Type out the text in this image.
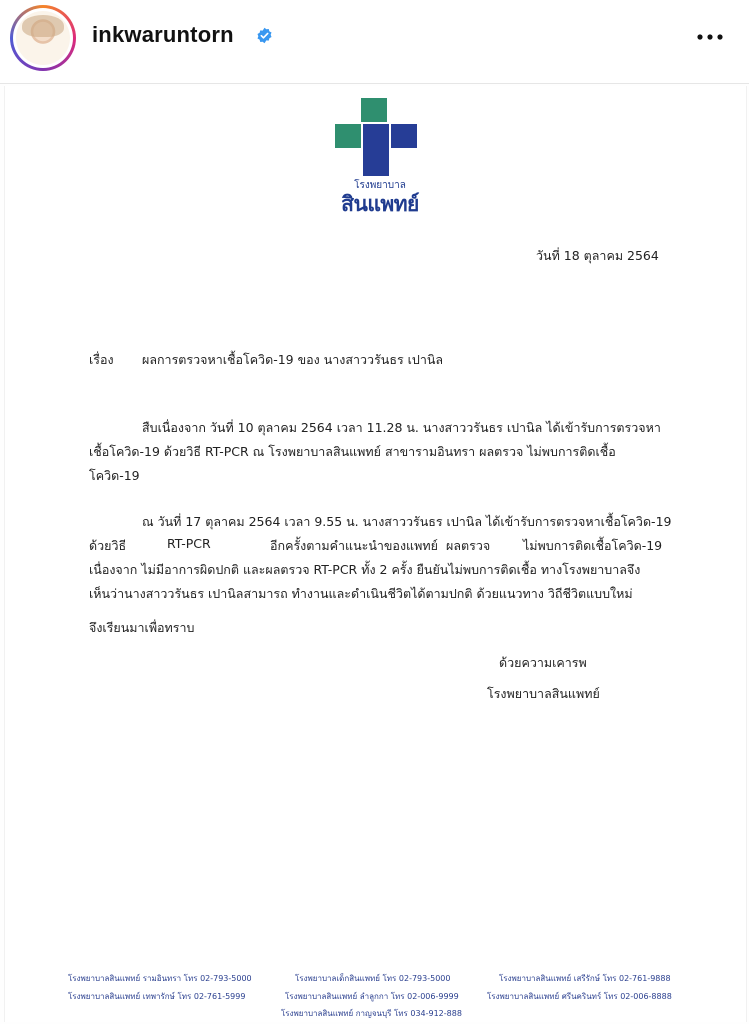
inkwaruntorn
โรงพยาบาล
สินแพทย์
วันที่ 18 ตุลาคม 2564
เรื่อง ผลการตรวจหาเชื้อโควิด-19 ของ นางสาววรันธร เปานิล
สืบเนื่องจาก วันที่ 10 ตุลาคม 2564 เวลา 11.28 น. นางสาววรันธร เปานิล ได้เข้ารับการตรวจหา
เชื้อโควิด-19 ด้วยวิธี RT-PCR ณ โรงพยาบาลสินแพทย์ สาขารามอินทรา ผลตรวจ ไม่พบการติดเชื้อ
โควิด-19
ณ วันที่ 17 ตุลาคม 2564 เวลา 9.55 น. นางสาววรันธร เปานิล ได้เข้ารับการตรวจหาเชื้อโควิด-19
ด้วยวิธี	RT-PCR	อีกครั้งตามคำแนะนำของแพทย์ ผลตรวจ	ไม่พบการติดเชื้อโควิด-19
เนื่องจาก ไม่มีอาการผิดปกติ และผลตรวจ RT-PCR ทั้ง 2 ครั้ง ยืนยันไม่พบการติดเชื้อ ทางโรงพยาบาลจึง
เห็นว่านางสาววรันธร เปานิลสามารถ ทำงานและดำเนินชีวิตได้ตามปกติ ด้วยแนวทาง วิถีชีวิตแบบใหม่
จึงเรียนมาเพื่อทราบ
ด้วยความเคารพ
โรงพยาบาลสินแพทย์
โรงพยาบาลสินแพทย์ รามอินทรา โทร 02-793-5000	โรงพยาบาลเด็กสินแพทย์ โทร 02-793-5000	โรงพยาบาลสินแพทย์ เสรีรักษ์ โทร 02-761-9888
โรงพยาบาลสินแพทย์ เทพารักษ์ โทร 02-761-5999	โรงพยาบาลสินแพทย์ ลำลูกกา โทร 02-006-9999	โรงพยาบาลสินแพทย์ ศรีนครินทร์ โทร 02-006-8888
โรงพยาบาลสินแพทย์ กาญจนบุรี โทร 034-912-888
